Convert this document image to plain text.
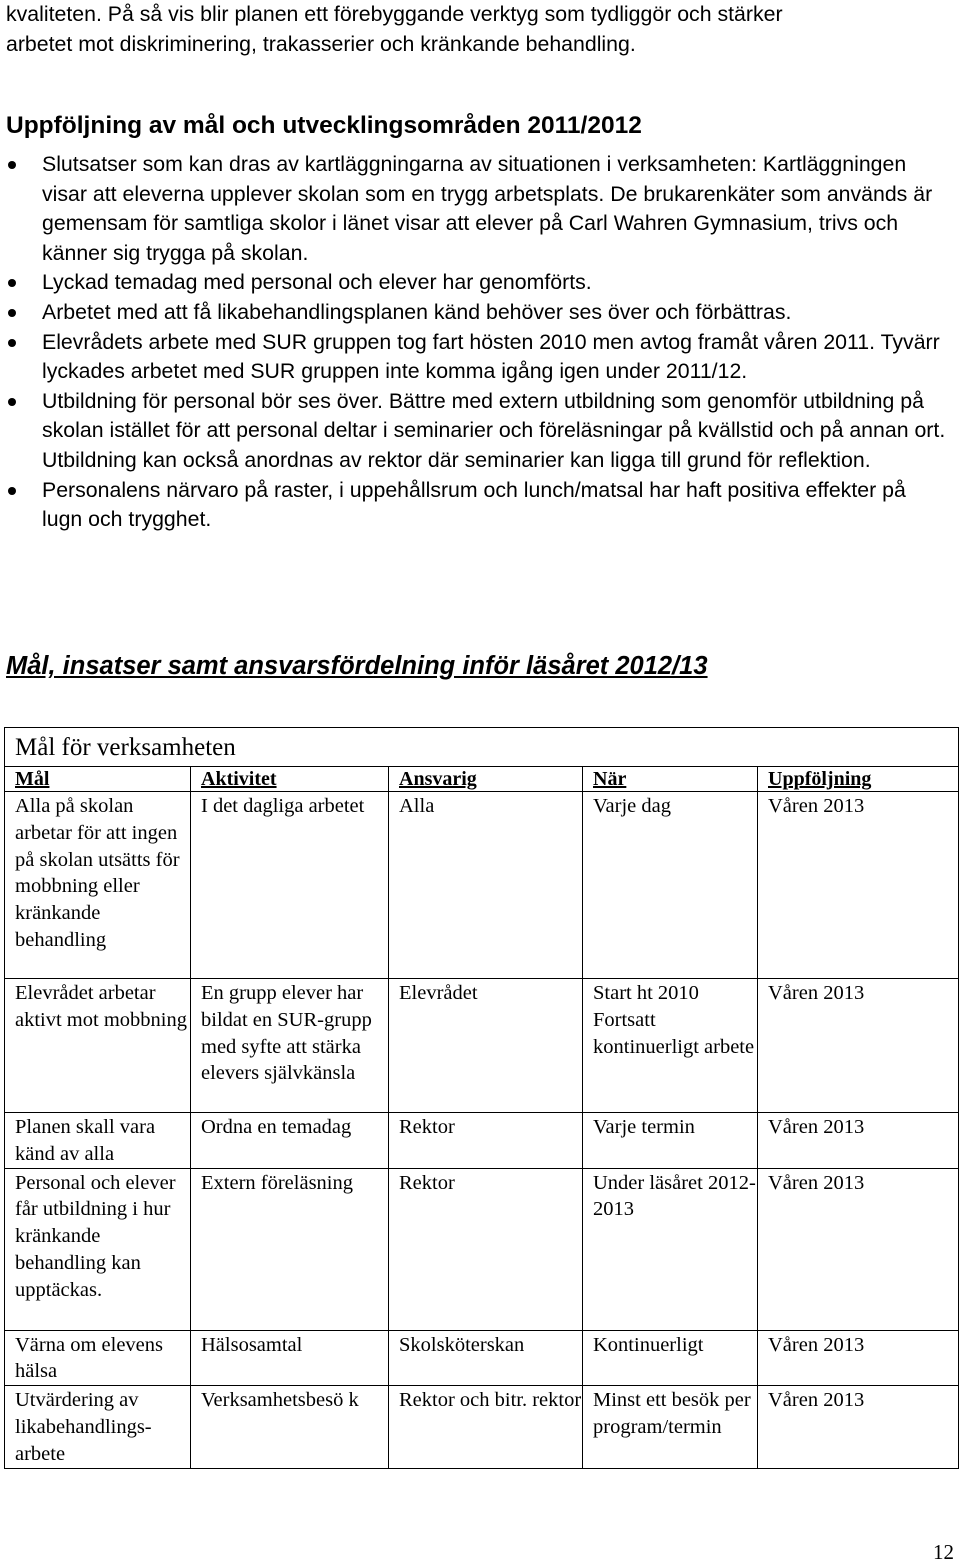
kvaliteten. På så vis blir planen ett förebyggande verktyg som tydliggör och stärker

arbetet mot diskriminering, trakasserier och kränkande behandling.

Uppföljning av mål och utvecklingsområden 2011/2012
Slutsatser som kan dras av kartläggningarna av situationen i verksamheten: Kartläggningen visar att eleverna upplever skolan som en trygg arbetsplats. De brukarenkäter som används är gemensam för samtliga skolor i länet visar att elever på Carl Wahren Gymnasium, trivs och känner sig trygga på skolan.
Lyckad temadag med personal och elever har genomförts.
Arbetet med att få likabehandlingsplanen känd behöver ses över och förbättras.
Elevrådets arbete med SUR gruppen tog fart hösten 2010 men avtog framåt våren 2011. Tyvärr lyckades arbetet med SUR gruppen inte komma igång igen under 2011/12.
Utbildning för personal bör ses över. Bättre med extern utbildning som genomför utbildning på skolan istället för att personal deltar i seminarier och föreläsningar på kvällstid och på annan ort. Utbildning kan också anordnas av rektor där seminarier kan ligga till grund för reflektion.
Personalens närvaro på raster, i uppehållsrum och lunch/matsal har haft positiva effekter på lugn och trygghet.
Mål, insatser samt ansvarsfördelning inför läsåret 2012/13
Mål för verksamheten				
Mål	Aktivitet	Ansvarig	När	Uppföljning
Alla på skolan arbetar för att ingen på skolan utsätts för mobbning eller kränkande behandling	I det dagliga arbetet	Alla	Varje dag	Våren 2013
Elevrådet arbetar aktivt mot mobbning	En grupp elever har bildat en SUR-grupp med syfte att stärka elevers självkänsla	Elevrådet	Start ht 2010 Fortsatt kontinuerligt arbete	Våren 2013
Planen skall vara känd av alla	Ordna en temadag	Rektor	Varje termin	Våren 2013
Personal och elever får utbildning i hur kränkande behandling kan upptäckas.	Extern föreläsning	Rektor	Under läsåret 2012-2013	Våren 2013
Värna om elevens hälsa	Hälsosamtal	Skolsköterskan	Kontinuerligt	Våren 2013
Utvärdering av likabehandlings-arbete	Verksamhetsbesö k	Rektor och bitr. rektor	Minst ett besök per program/termin	Våren 2013
12
